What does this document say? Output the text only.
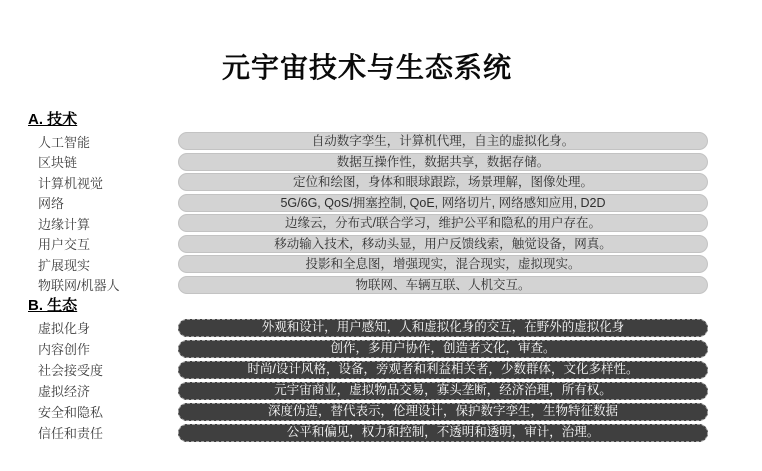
元宇宙技术与生态系统
A. 技术
人工智能	自动数字孪生，计算机代理，自主的虚拟化身。
区块链	数据互操作性，数据共享，数据存储。
计算机视觉	定位和绘图，身体和眼球跟踪，场景理解，图像处理。
网络	5G/6G, QoS/拥塞控制, QoE, 网络切片, 网络感知应用, D2D
边缘计算	边缘云，分布式/联合学习，维护公平和隐私的用户存在。
用户交互	移动输入技术，移动头显，用户反馈线索，触觉设备，网真。
扩展现实	投影和全息图，增强现实，混合现实，虚拟现实。
物联网/机器人	物联网、车辆互联、人机交互。
B. 生态
虚拟化身	外观和设计，用户感知，人和虚拟化身的交互，在野外的虚拟化身
内容创作	创作，多用户协作，创造者文化，审查。
社会接受度	时尚/设计风格，设备，旁观者和利益相关者，少数群体，文化多样性。
虚拟经济	元宇宙商业，虚拟物品交易，寡头垄断，经济治理，所有权。
安全和隐私	深度伪造，替代表示，伦理设计，保护数字孪生，生物特征数据
信任和责任	公平和偏见，权力和控制，不透明和透明，审计，治理。
